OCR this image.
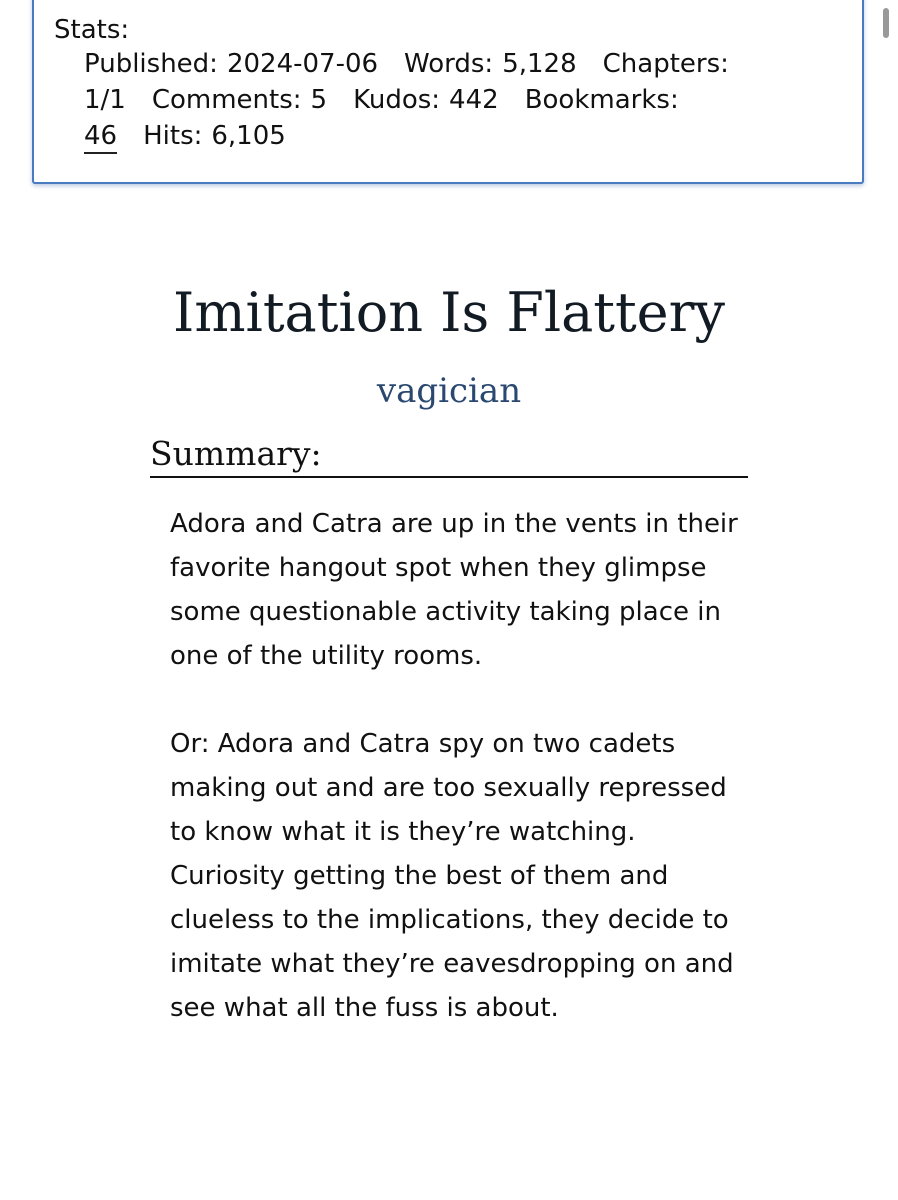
Stats:
Published: 2024-07-06 Words: 5,128 Chapters:
1/1 Comments: 5 Kudos: 442 Bookmarks:
46 Hits: 6,105
Imitation Is Flattery
vagician
Summary:

Adora and Catra are up in the vents in their favorite hangout spot when they glimpse some questionable activity taking place in one of the utility rooms.

Or: Adora and Catra spy on two cadets making out and are too sexually repressed to know what it is they’re watching. Curiosity getting the best of them and clueless to the implications, they decide to imitate what they’re eavesdropping on and see what all the fuss is about.
